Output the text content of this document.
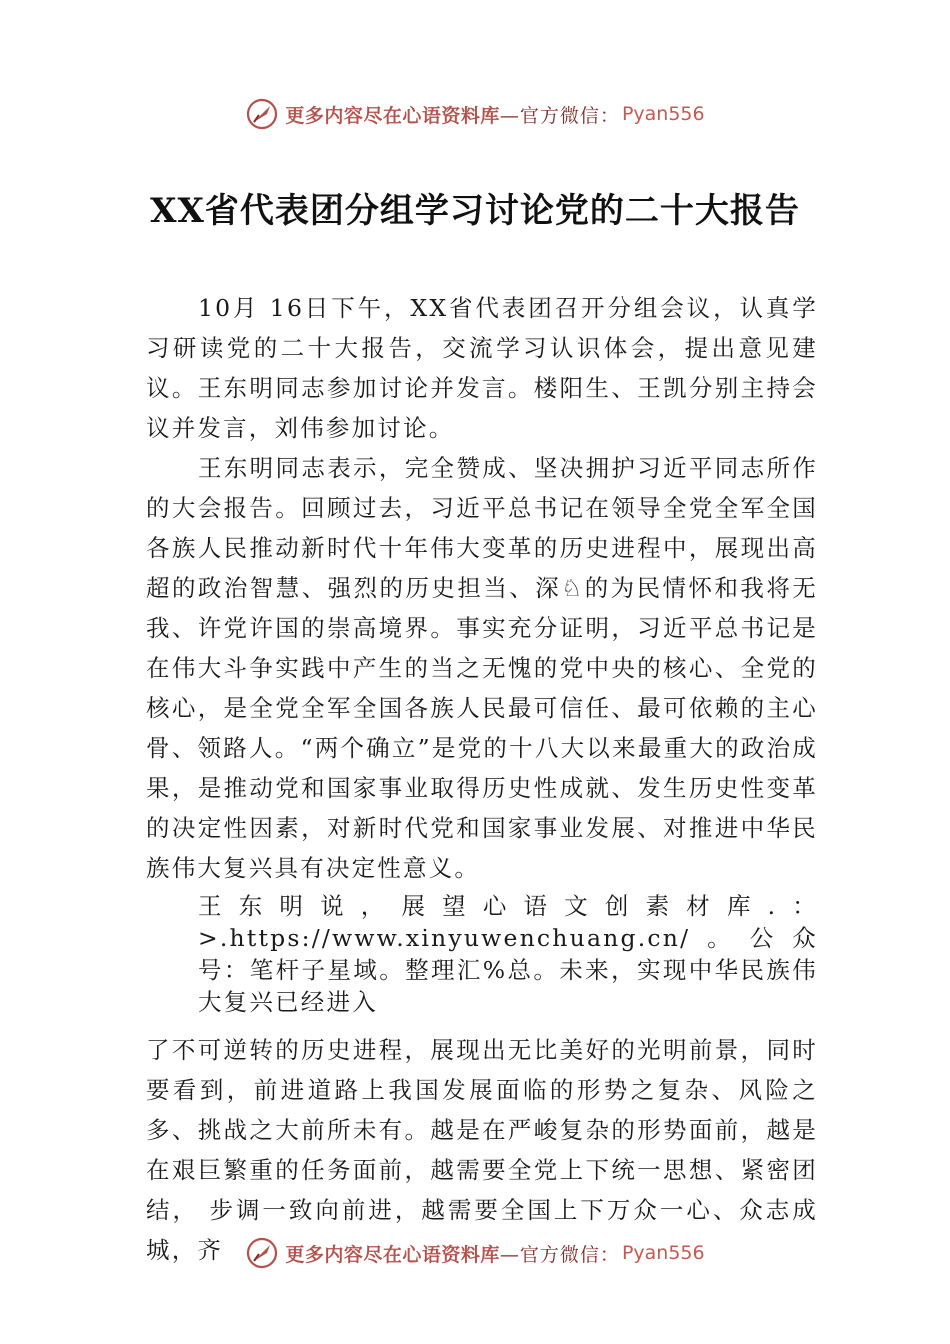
更多内容尽在心语资料库 —官方微信： Pyan556
XX省代表团分组学习讨论党的二十大报告

10月 16日下午，XX省代表团召开分组会议，认真学习研读党的二十大报告，交流学习认识体会，提出意见建议。王东明同志参加讨论并发言。楼阳生、王凯分别主持会议并发言，刘伟参加讨论。

王东明同志表示，完全赞成、坚决拥护习近平同志所作的大会报告。回顾过去，习近平总书记在领导全党全军全国各族人民推动新时代十年伟大变革的历史进程中，展现出高超的政治智慧、强烈的历史担当、深♘的为民情怀和我将无我、许党许国的崇高境界。事实充分证明，习近平总书记是在伟大斗争实践中产生的当之无愧的党中央的核心、全党的核心，是全党全军全国各族人民最可信任、最可依赖的主心骨、领路人。“两个确立”是党的十八大以来最重大的政治成果，是推动党和国家事业取得历史性成就、发生历史性变革的决定性因素，对新时代党和国家事业发展、对推进中华民族伟大复兴具有决定性意义。

王东明说，展望心语文创素材库.：>.https://www.xinyuwenchuang.cn/。公众号：笔杆子星域。整理汇%总。未来，实现中华民族伟大复兴已经进入

了不可逆转的历史进程，展现出无比美好的光明前景，同时要看到，前进道路上我国发展面临的形势之复杂、风险之多、挑战之大前所未有。越是在严峻复杂的形势面前，越是在艰巨繁重的任务面前，越需要全党上下统一思想、紧密团结， 步调一致向前进，越需要全国上下万众一心、众志成城，齐	更多内容尽在心语资料库 —官方微信： Pyan556
